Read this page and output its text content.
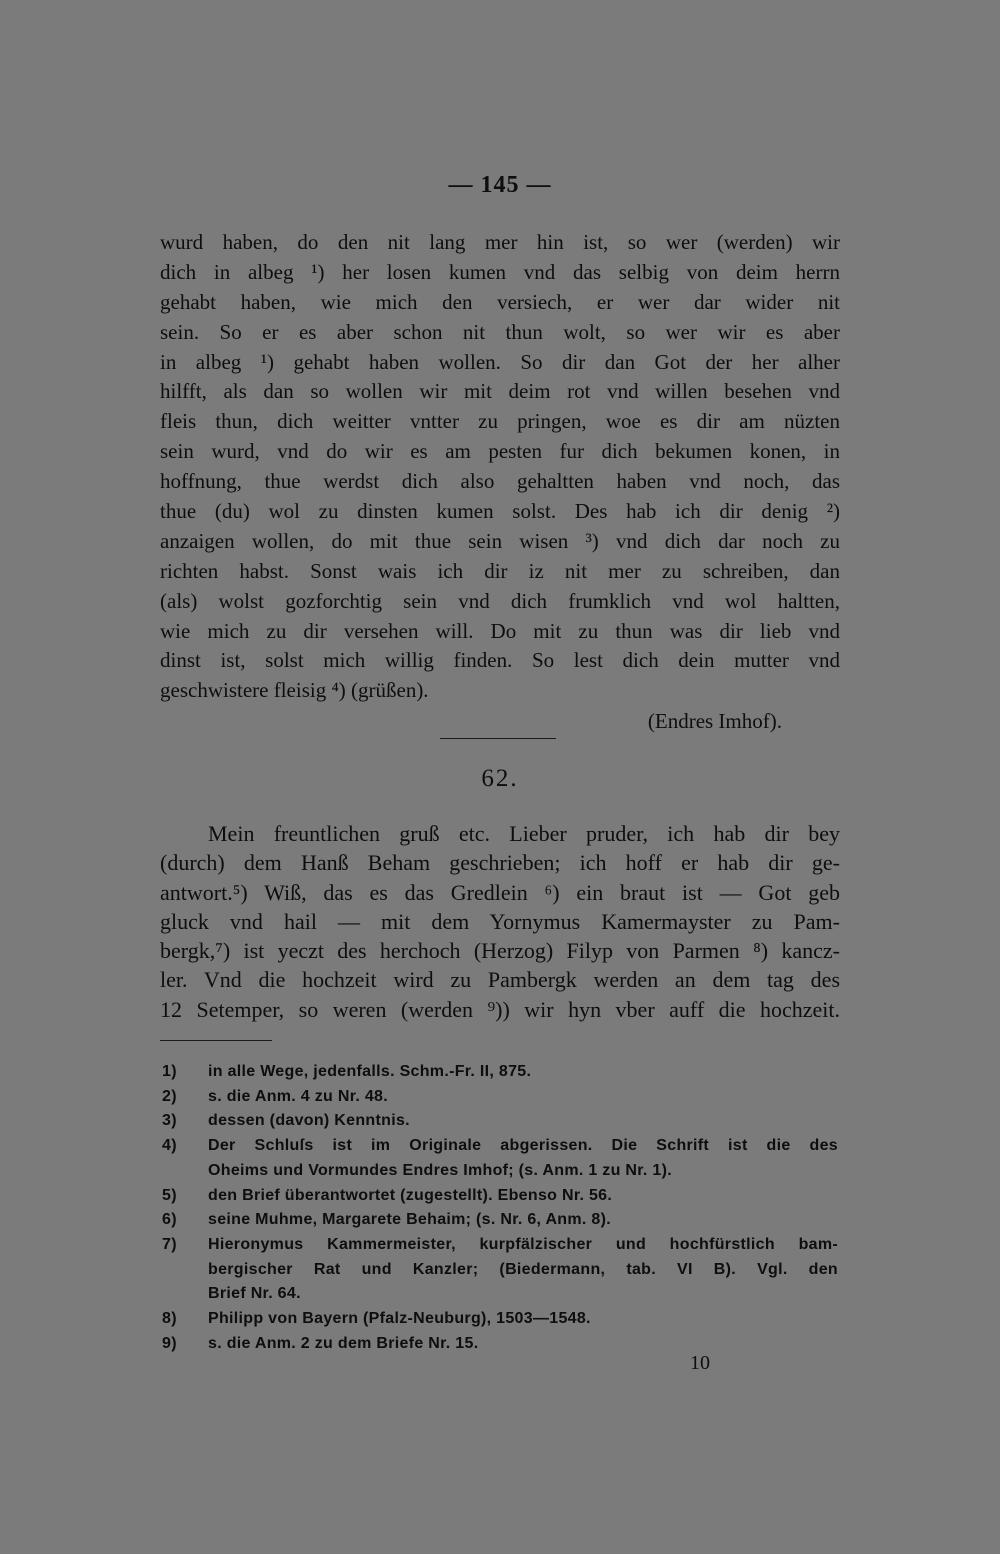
— 145 —
wurd haben, do den nit lang mer hin ist, so wer (werden) wir
dich in albeg ¹) her losen kumen vnd das selbig von deim herrn
gehabt haben, wie mich den versiech, er wer dar wider nit
sein. So er es aber schon nit thun wolt, so wer wir es aber
in albeg ¹) gehabt haben wollen. So dir dan Got der her alher
hilfft, als dan so wollen wir mit deim rot vnd willen besehen vnd
fleis thun, dich weitter vntter zu pringen, woe es dir am nüzten
sein wurd, vnd do wir es am pesten fur dich bekumen konen, in
hoffnung, thue werdst dich also gehaltten haben vnd noch, das
thue (du) wol zu dinsten kumen solst. Des hab ich dir denig ²)
anzaigen wollen, do mit thue sein wisen ³) vnd dich dar noch zu
richten habst. Sonst wais ich dir iz nit mer zu schreiben, dan
(als) wolst gozforchtig sein vnd dich frumklich vnd wol haltten,
wie mich zu dir versehen will. Do mit zu thun was dir lieb vnd
dinst ist, solst mich willig finden. So lest dich dein mutter vnd
geschwistere fleisig ⁴) (grüßen).
(Endres Imhof).
62.
Mein freuntlichen gruß etc. Lieber pruder, ich hab dir bey
(durch) dem Hanß Beham geschrieben; ich hoff er hab dir ge-
antwort.⁵) Wiß, das es das Gredlein ⁶) ein braut ist — Got geb
gluck vnd hail — mit dem Yornymus Kamermayster zu Pam-
bergk,⁷) ist yeczt des herchoch (Herzog) Filyp von Parmen ⁸) kancz-
ler. Vnd die hochzeit wird zu Pambergk werden an dem tag des
12 Setemper, so weren (werden ⁹)) wir hyn vber auff die hochzeit.
1)	in alle Wege, jedenfalls. Schm.-Fr. II, 875.
2)	s. die Anm. 4 zu Nr. 48.
3)	dessen (davon) Kenntnis.
4)	Der Schluſs ist im Originale abgerissen. Die Schrift ist die des
Oheims und Vormundes Endres Imhof; (s. Anm. 1 zu Nr. 1).
5)	den Brief überantwortet (zugestellt). Ebenso Nr. 56.
6)	seine Muhme, Margarete Behaim; (s. Nr. 6, Anm. 8).
7)	Hieronymus Kammermeister, kurpfälzischer und hochfürstlich bam-
bergischer Rat und Kanzler; (Biedermann, tab. VI B). Vgl. den
Brief Nr. 64.
8)	Philipp von Bayern (Pfalz-Neuburg), 1503—1548.
9)	s. die Anm. 2 zu dem Briefe Nr. 15.
10
